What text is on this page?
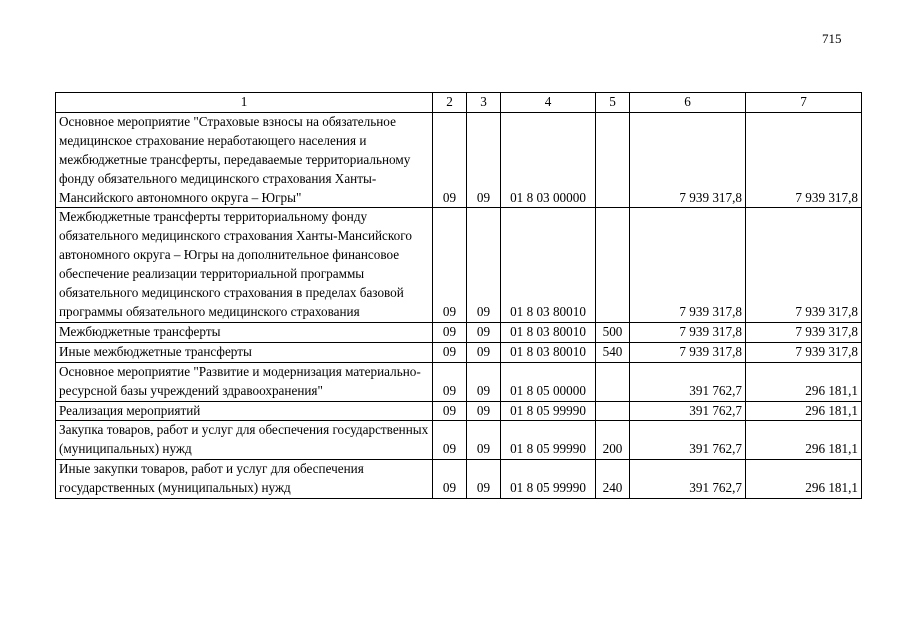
715
1	2	3	4	5	6	7
Основное мероприятие "Страховые взносы на обязательное медицинское страхование неработающего населения и межбюджетные трансферты, передаваемые территориальному фонду обязательного медицинского страхования Ханты-Мансийского автономного округа – Югры"	09	09	01 8 03 00000		7 939 317,8	7 939 317,8
Межбюджетные трансферты территориальному фонду обязательного медицинского страхования Ханты-Мансийского автономного округа – Югры на дополнительное финансовое обеспечение реализации территориальной программы обязательного медицинского страхования в пределах базовой программы обязательного медицинского страхования	09	09	01 8 03 80010		7 939 317,8	7 939 317,8
Межбюджетные трансферты	09	09	01 8 03 80010	500	7 939 317,8	7 939 317,8
Иные межбюджетные трансферты	09	09	01 8 03 80010	540	7 939 317,8	7 939 317,8
Основное мероприятие "Развитие и модернизация материально-ресурсной базы учреждений здравоохранения"	09	09	01 8 05 00000		391 762,7	296 181,1
Реализация мероприятий	09	09	01 8 05 99990		391 762,7	296 181,1
Закупка товаров, работ и услуг для обеспечения государственных (муниципальных) нужд	09	09	01 8 05 99990	200	391 762,7	296 181,1
Иные закупки товаров, работ и услуг для обеспечения государственных (муниципальных) нужд	09	09	01 8 05 99990	240	391 762,7	296 181,1
